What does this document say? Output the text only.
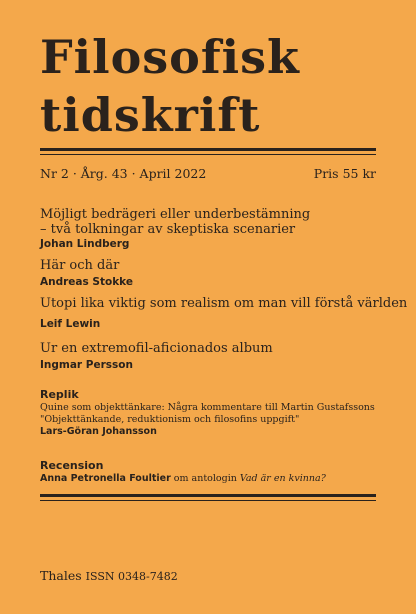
Filosofisk
tidskrift
Nr 2 · Årg. 43 · April 2022	Pris 55 kr
Möjligt bedrägeri eller underbestämning
– två tolkningar av skeptiska scenarier
Johan Lindberg
Här och där
Andreas Stokke
Utopi lika viktig som realism om man vill förstå världen
Leif Lewin
Ur en extremofil-aficionados album
Ingmar Persson
Replik
Quine som objekttänkare: Några kommentare till Martin Gustafssons
"Objekttänkande, reduktionism och filosofins uppgift"
Lars-Göran Johansson
Recension
Anna Petronella Foultier om antologin Vad är en kvinna?
Thales ISSN 0348-7482
